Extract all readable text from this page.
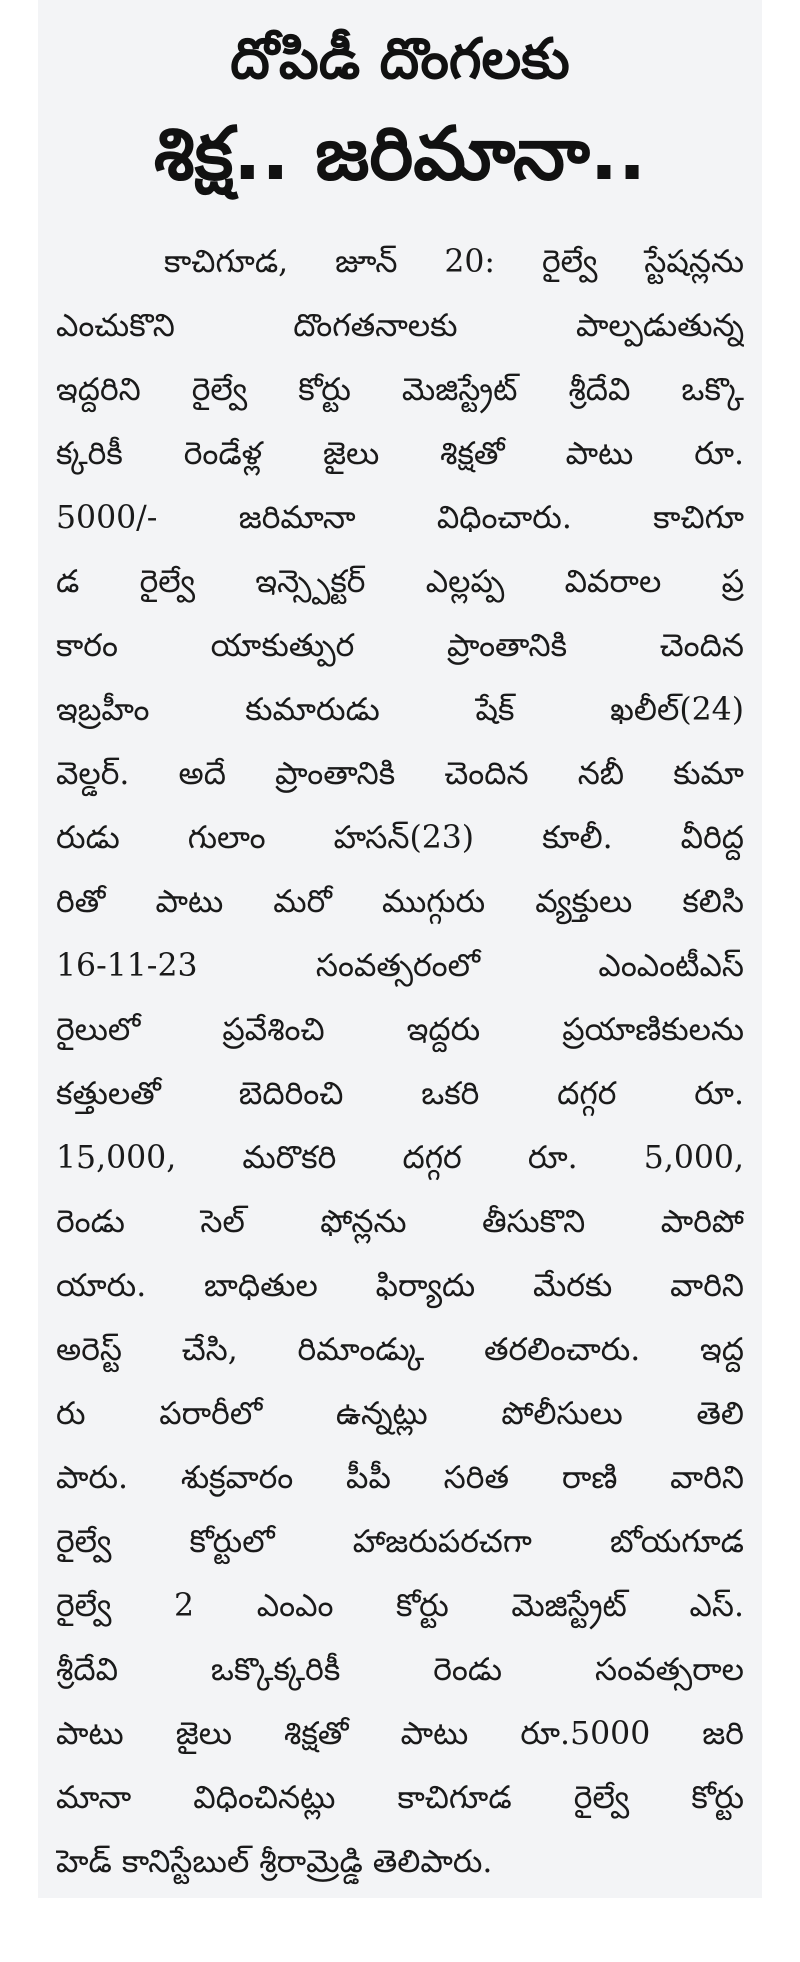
దోపిడీ దొంగలకు
శిక్ష.. జరిమానా..
కాచిగూడ, జూన్ 20: రైల్వే స్టేషన్లను
ఎంచుకొని దొంగతనాలకు పాల్పడుతున్న
ఇద్దరిని రైల్వే కోర్టు మెజిస్ట్రేట్ శ్రీదేవి ఒక్కొ
క్కరికీ రెండేళ్ల జైలు శిక్షతో పాటు రూ.
5000/- జరిమానా విధించారు. కాచిగూ
డ రైల్వే ఇన్స్పెక్టర్ ఎల్లప్ప వివరాల ప్ర
కారం యాకుత్పుర ప్రాంతానికి చెందిన
ఇబ్రహీం కుమారుడు షేక్ ఖలీల్(24)
వెల్డర్. అదే ప్రాంతానికి చెందిన నబీ కుమా
రుడు గులాం హసన్(23) కూలీ. వీరిద్ద
రితో పాటు మరో ముగ్గురు వ్యక్తులు కలిసి
16-11-23 సంవత్సరంలో ఎంఎంటీఎస్
రైలులో ప్రవేశించి ఇద్దరు ప్రయాణికులను
కత్తులతో బెదిరించి ఒకరి దగ్గర రూ.
15,000, మరొకరి దగ్గర రూ. 5,000,
రెండు సెల్ ఫోన్లను తీసుకొని పారిపో
యారు. బాధితుల ఫిర్యాదు మేరకు వారిని
అరెస్ట్ చేసి, రిమాండ్కు తరలించారు. ఇద్ద
రు పరారీలో ఉన్నట్లు పోలీసులు తెలి
పారు. శుక్రవారం పీపీ సరిత రాణి వారిని
రైల్వే కోర్టులో హాజరుపరచగా బోయగూడ
రైల్వే 2 ఎంఎం కోర్టు మెజిస్ట్రేట్ ఎస్.
శ్రీదేవి ఒక్కొక్కరికీ రెండు సంవత్సరాల
పాటు జైలు శిక్షతో పాటు రూ.5000 జరి
మానా విధించినట్లు కాచిగూడ రైల్వే కోర్టు
హెడ్ కానిస్టేబుల్ శ్రీరామ్రెడ్డి తెలిపారు.
